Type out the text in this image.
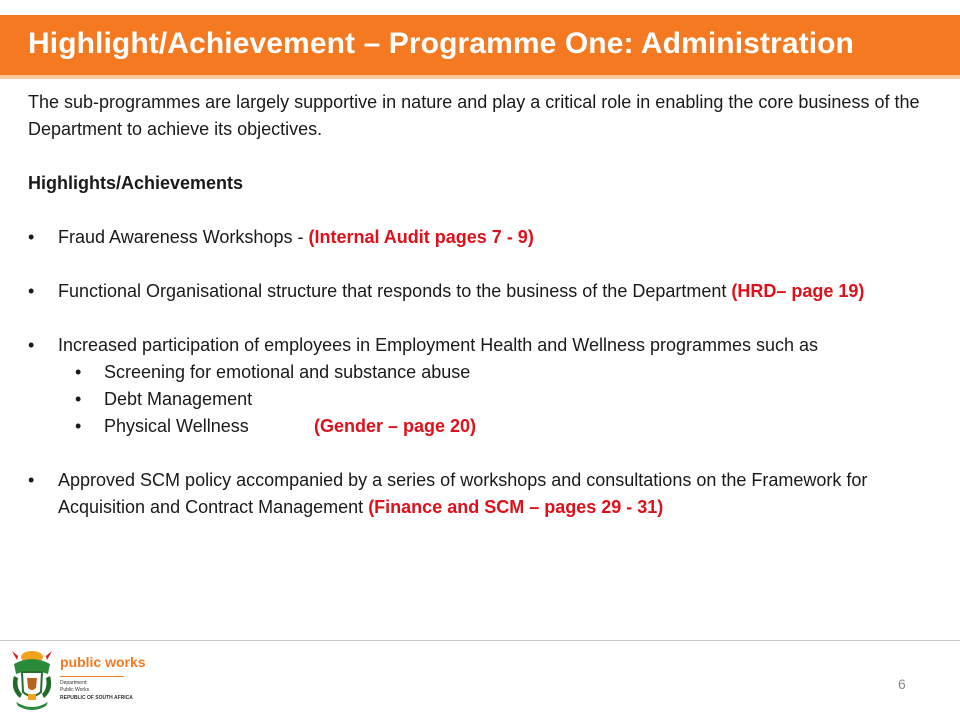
Highlight/Achievement – Programme One: Administration

The sub-programmes are largely supportive in nature and play a critical role in enabling the core business of the Department to achieve its objectives.

Highlights/Achievements

• Fraud Awareness Workshops - (Internal Audit pages 7 - 9)
• Functional Organisational structure that responds to the business of the Department (HRD– page 19)
• Increased participation of employees in Employment Health and Wellness programmes such as
• Screening for emotional and substance abuse
• Debt Management
• Physical Wellness	(Gender – page 20)
• Approved SCM policy accompanied by a series of workshops and consultations on the Framework for Acquisition and Contract Management (Finance and SCM – pages 29 - 31)
public works
Department:
Public Works
REPUBLIC OF SOUTH AFRICA
6
